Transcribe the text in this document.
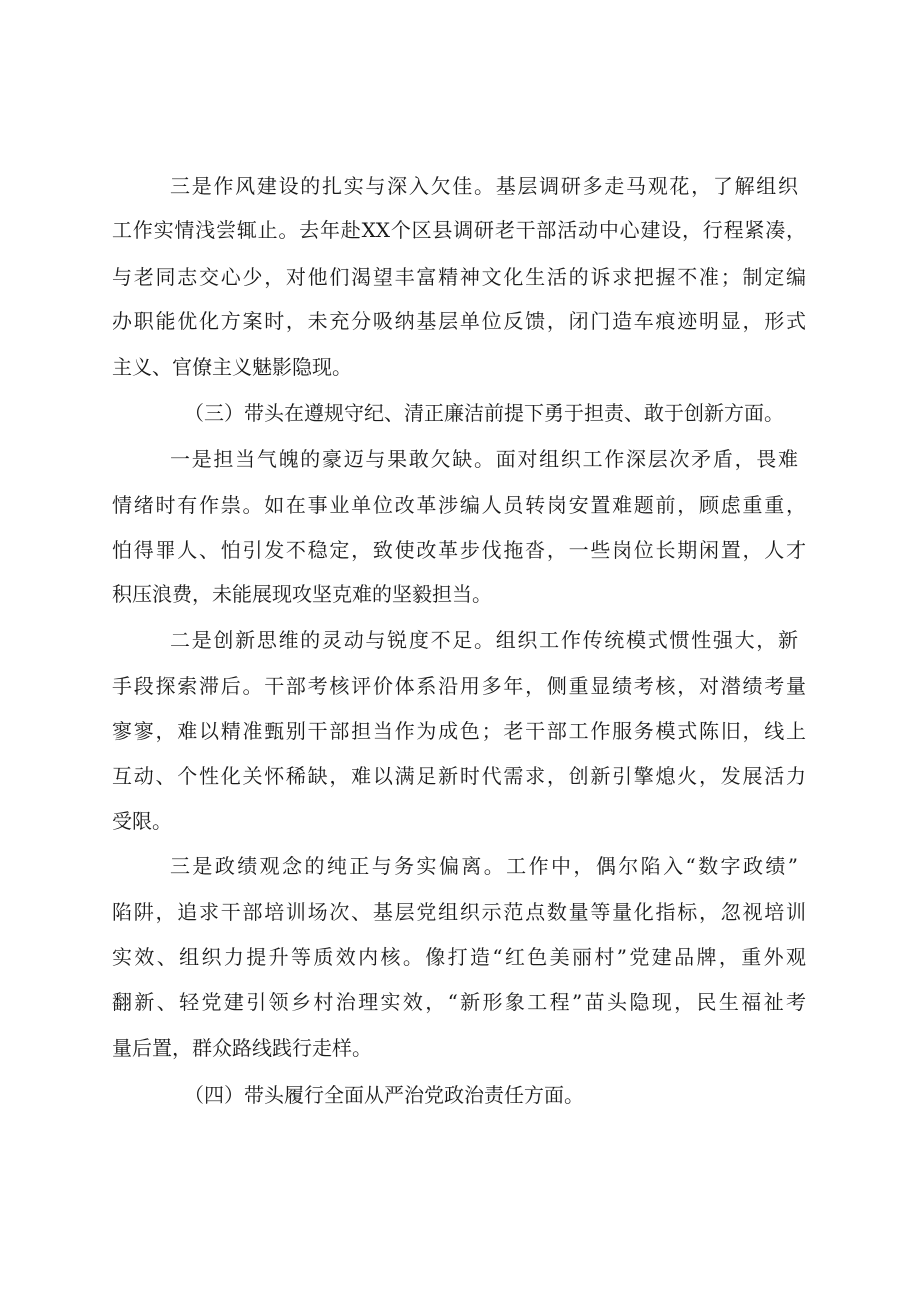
三是作风建设的扎实与深入欠佳。基层调研多走马观花，了解组织
工作实情浅尝辄止。去年赴XX个区县调研老干部活动中心建设，行程紧凑，
与老同志交心少，对他们渴望丰富精神文化生活的诉求把握不准；制定编
办职能优化方案时，未充分吸纳基层单位反馈，闭门造车痕迹明显，形式
主义、官僚主义魅影隐现。
（三）带头在遵规守纪、清正廉洁前提下勇于担责、敢于创新方面。
一是担当气魄的豪迈与果敢欠缺。面对组织工作深层次矛盾，畏难
情绪时有作祟。如在事业单位改革涉编人员转岗安置难题前，顾虑重重，
怕得罪人、怕引发不稳定，致使改革步伐拖沓，一些岗位长期闲置，人才
积压浪费，未能展现攻坚克难的坚毅担当。
二是创新思维的灵动与锐度不足。组织工作传统模式惯性强大，新
手段探索滞后。干部考核评价体系沿用多年，侧重显绩考核，对潜绩考量
寥寥，难以精准甄别干部担当作为成色；老干部工作服务模式陈旧，线上
互动、个性化关怀稀缺，难以满足新时代需求，创新引擎熄火，发展活力
受限。
三是政绩观念的纯正与务实偏离。工作中，偶尔陷入“数字政绩”
陷阱，追求干部培训场次、基层党组织示范点数量等量化指标，忽视培训
实效、组织力提升等质效内核。像打造“红色美丽村”党建品牌，重外观
翻新、轻党建引领乡村治理实效，“新形象工程”苗头隐现，民生福祉考
量后置，群众路线践行走样。
（四）带头履行全面从严治党政治责任方面。
